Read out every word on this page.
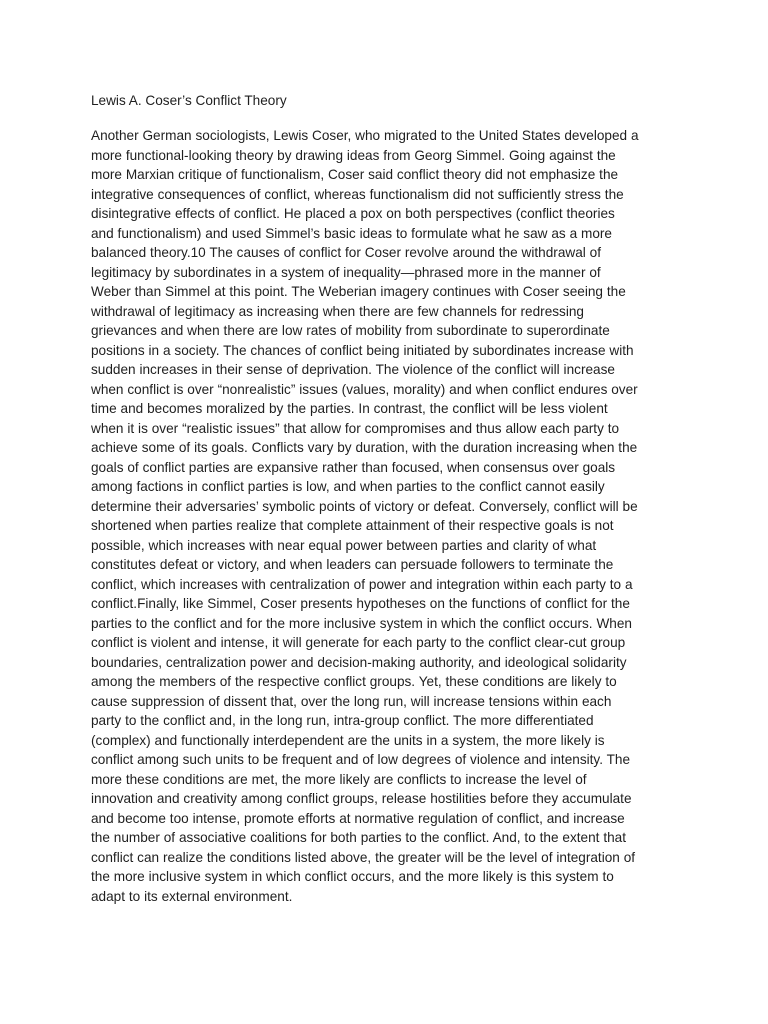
Lewis A. Coser’s Conflict Theory

Another German sociologists, Lewis Coser, who migrated to the United States developed a more functional-looking theory by drawing ideas from Georg Simmel. Going against the more Marxian critique of functionalism, Coser said conflict theory did not emphasize the integrative consequences of conflict, whereas functionalism did not sufficiently stress the disintegrative effects of conflict. He placed a pox on both perspectives (conflict theories and functionalism) and used Simmel’s basic ideas to formulate what he saw as a more balanced theory.10 The causes of conflict for Coser revolve around the withdrawal of legitimacy by subordinates in a system of inequality—phrased more in the manner of Weber than Simmel at this point. The Weberian imagery continues with Coser seeing the withdrawal of legitimacy as increasing when there are few channels for redressing grievances and when there are low rates of mobility from subordinate to superordinate positions in a society. The chances of conflict being initiated by subordinates increase with sudden increases in their sense of deprivation. The violence of the conflict will increase when conflict is over “nonrealistic” issues (values, morality) and when conflict endures over time and becomes moralized by the parties. In contrast, the conflict will be less violent when it is over “realistic issues” that allow for compromises and thus allow each party to achieve some of its goals. Conflicts vary by duration, with the duration increasing when the goals of conflict parties are expansive rather than focused, when consensus over goals among factions in conflict parties is low, and when parties to the conflict cannot easily determine their adversaries’ symbolic points of victory or defeat. Conversely, conflict will be shortened when parties realize that complete attainment of their respective goals is not possible, which increases with near equal power between parties and clarity of what constitutes defeat or victory, and when leaders can persuade followers to terminate the conflict, which increases with centralization of power and integration within each party to a conflict.Finally, like Simmel, Coser presents hypotheses on the functions of conflict for the parties to the conflict and for the more inclusive system in which the conflict occurs. When conflict is violent and intense, it will generate for each party to the conflict clear-cut group boundaries, centralization power and decision-making authority, and ideological solidarity among the members of the respective conflict groups. Yet, these conditions are likely to cause suppression of dissent that, over the long run, will increase tensions within each party to the conflict and, in the long run, intra-group conflict. The more differentiated (complex) and functionally interdependent are the units in a system, the more likely is conflict among such units to be frequent and of low degrees of violence and intensity. The more these conditions are met, the more likely are conflicts to increase the level of innovation and creativity among conflict groups, release hostilities before they accumulate and become too intense, promote efforts at normative regulation of conflict, and increase the number of associative coalitions for both parties to the conflict. And, to the extent that conflict can realize the conditions listed above, the greater will be the level of integration of the more inclusive system in which conflict occurs, and the more likely is this system to adapt to its external environment.
